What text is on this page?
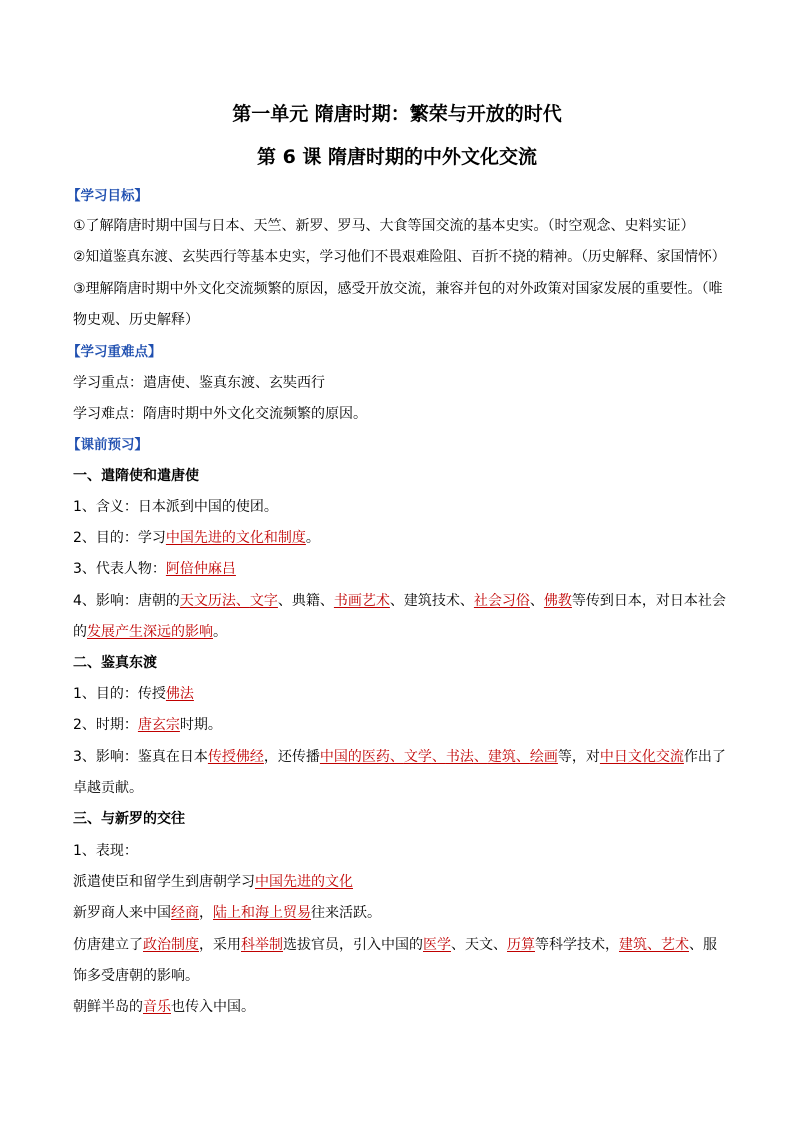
第一单元 隋唐时期：繁荣与开放的时代
第 6 课 隋唐时期的中外文化交流
【学习目标】
①了解隋唐时期中国与日本、天竺、新罗、罗马、大食等国交流的基本史实。（时空观念、史料实证）
②知道鉴真东渡、玄奘西行等基本史实，学习他们不畏艰难险阻、百折不挠的精神。（历史解释、家国情怀）
③理解隋唐时期中外文化交流频繁的原因，感受开放交流，兼容并包的对外政策对国家发展的重要性。（唯
物史观、历史解释）
【学习重难点】
学习重点：遣唐使、鉴真东渡、玄奘西行
学习难点：隋唐时期中外文化交流频繁的原因。
【课前预习】
一、遣隋使和遣唐使
1、含义：日本派到中国的使团。
2、目的：学习中国先进的文化和制度。
3、代表人物：阿倍仲麻吕
4、影响：唐朝的天文历法、文字、典籍、书画艺术、建筑技术、社会习俗、佛教等传到日本，对日本社会
的发展产生深远的影响。
二、鉴真东渡
1、目的：传授佛法
2、时期：唐玄宗时期。
3、影响：鉴真在日本传授佛经，还传播中国的医药、文学、书法、建筑、绘画等，对中日文化交流作出了
卓越贡献。
三、与新罗的交往
1、表现：
派遣使臣和留学生到唐朝学习中国先进的文化
新罗商人来中国经商，陆上和海上贸易往来活跃。
仿唐建立了政治制度，采用科举制选拔官员，引入中国的医学、天文、历算等科学技术，建筑、艺术、服
饰多受唐朝的影响。
朝鲜半岛的音乐也传入中国。
